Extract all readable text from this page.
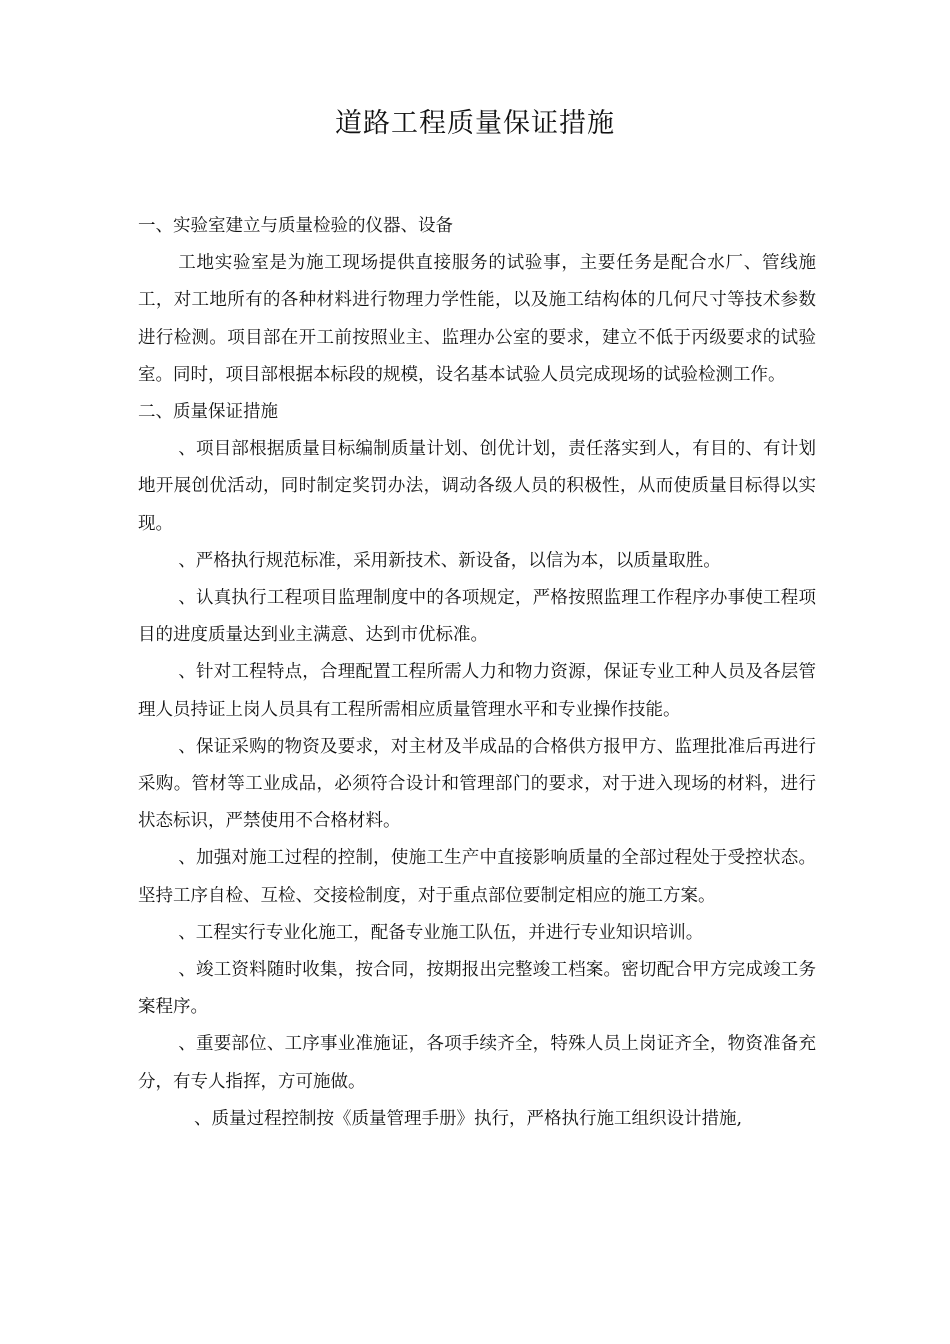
道路工程质量保证措施

一、实验室建立与质量检验的仪器、设备

工地实验室是为施工现场提供直接服务的试验事，主要任务是配合水厂、管线施工，对工地所有的各种材料进行物理力学性能，以及施工结构体的几何尺寸等技术参数进行检测。项目部在开工前按照业主、监理办公室的要求，建立不低于丙级要求的试验室。同时，项目部根据本标段的规模，设名基本试验人员完成现场的试验检测工作。

二、质量保证措施

、项目部根据质量目标编制质量计划、创优计划，责任落实到人，有目的、有计划地开展创优活动，同时制定奖罚办法，调动各级人员的积极性，从而使质量目标得以实现。

、严格执行规范标准，采用新技术、新设备，以信为本，以质量取胜。

、认真执行工程项目监理制度中的各项规定，严格按照监理工作程序办事使工程项目的进度质量达到业主满意、达到市优标准。

、针对工程特点，合理配置工程所需人力和物力资源，保证专业工种人员及各层管理人员持证上岗人员具有工程所需相应质量管理水平和专业操作技能。

、保证采购的物资及要求，对主材及半成品的合格供方报甲方、监理批准后再进行采购。管材等工业成品，必须符合设计和管理部门的要求，对于进入现场的材料，进行状态标识，严禁使用不合格材料。

、加强对施工过程的控制，使施工生产中直接影响质量的全部过程处于受控状态。坚持工序自检、互检、交接检制度，对于重点部位要制定相应的施工方案。

、工程实行专业化施工，配备专业施工队伍，并进行专业知识培训。

、竣工资料随时收集，按合同，按期报出完整竣工档案。密切配合甲方完成竣工务案程序。

、重要部位、工序事业准施证，各项手续齐全，特殊人员上岗证齐全，物资准备充分，有专人指挥，方可施做。

、质量过程控制按《质量管理手册》执行，严格执行施工组织设计措施,
